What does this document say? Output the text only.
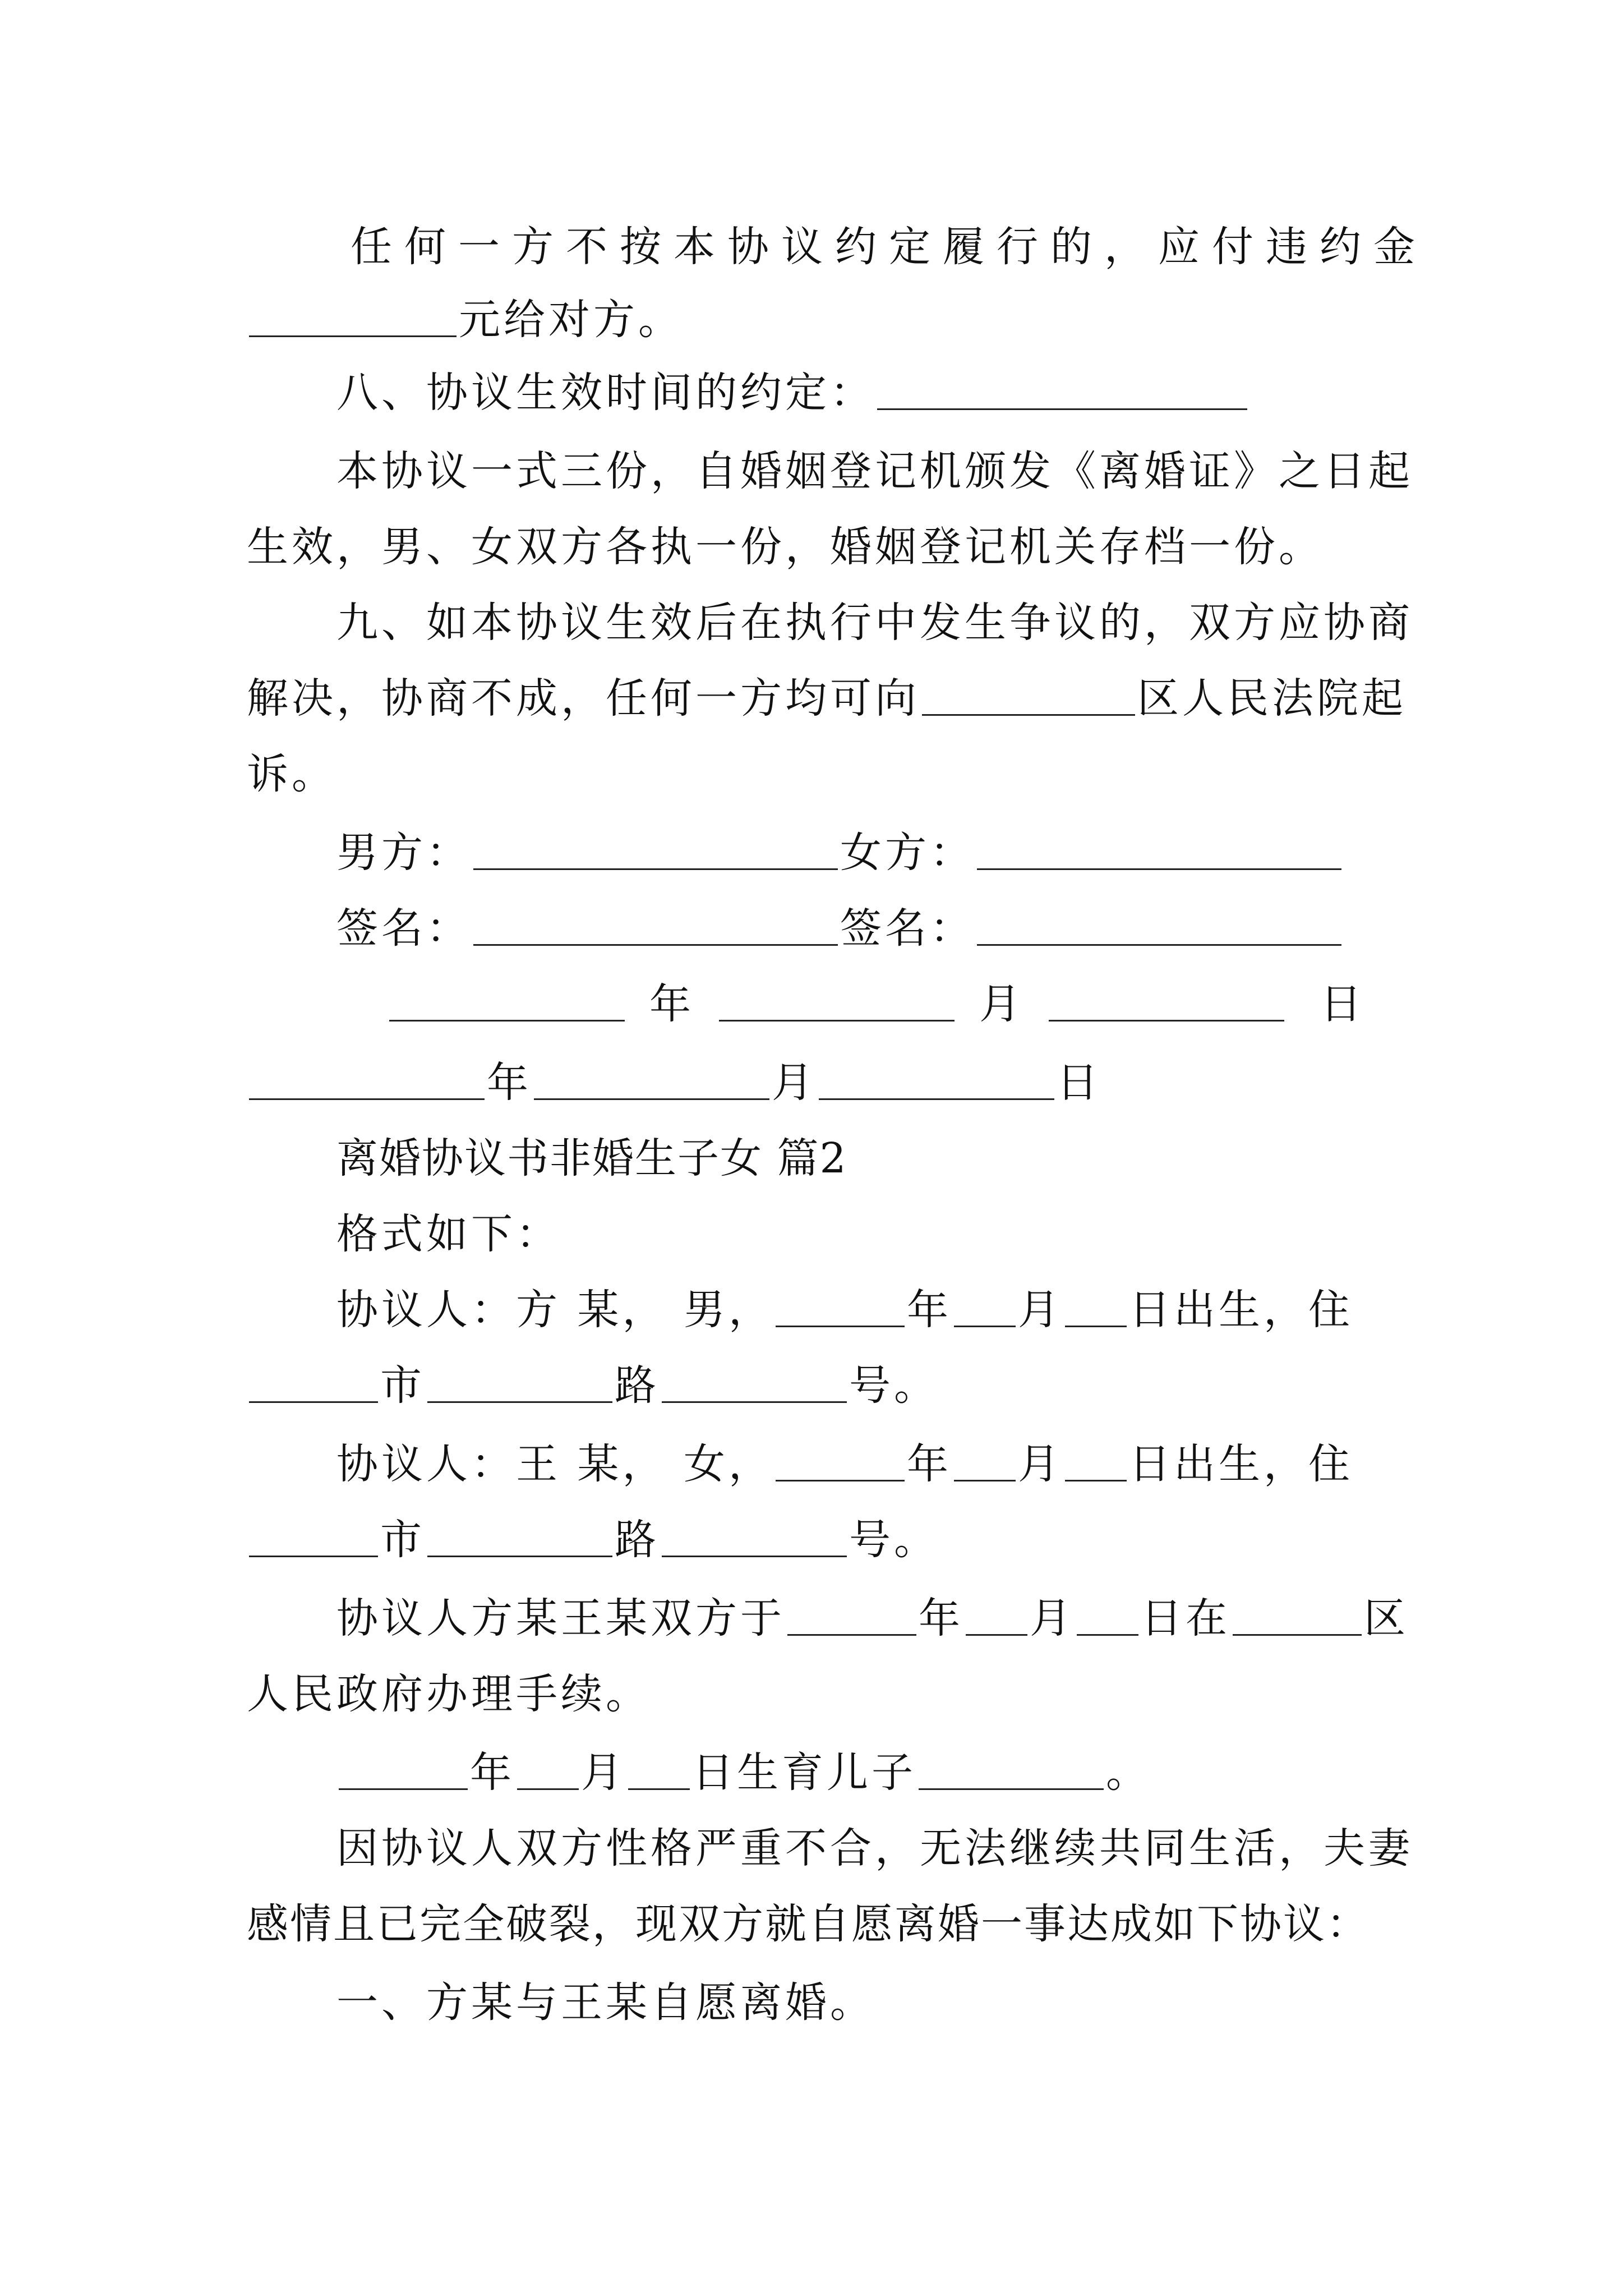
任何一方不按本协议约定履行的，应付违约金
元给对方。
八、协议生效时间的约定：
本协议一式三份，自婚姻登记机颁发《离婚证》之日起
生效，男、女双方各执一份，婚姻登记机关存档一份。
九、如本协议生效后在执行中发生争议的，双方应协商
解决，协商不成，任何一方均可向	区人民法院起
诉。
男方：	女方：
签名：	签名：
年	月	日
年	月	日
离婚协议书非婚生子女 篇2
格式如下：
协议人：方 某， 男，	年 月 日出生，住
市	路	号。
协议人：王 某， 女，	年 月 日出生，住
市	路	号。
协议人方某王某双方于	年 月 日在	区
人民政府办理手续。
年 月 日生育儿子	。
因协议人双方性格严重不合，无法继续共同生活，夫妻
感情且已完全破裂，现双方就自愿离婚一事达成如下协议：
一、方某与王某自愿离婚。
